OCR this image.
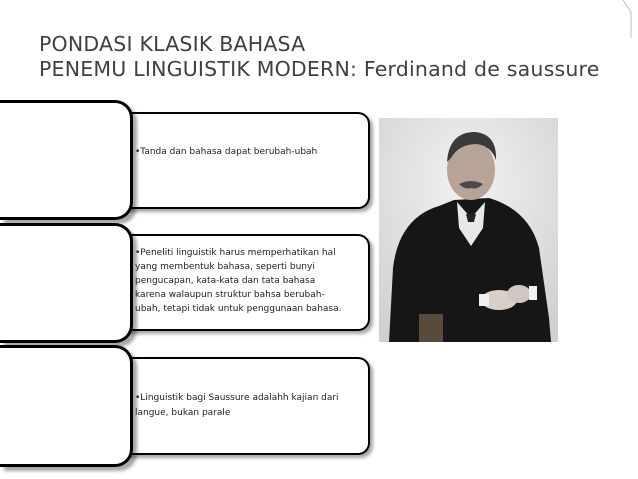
PONDASI KLASIK BAHASA
PENEMU LINGUISTIK MODERN: Ferdinand de saussure
•Tanda dan bahasa dapat berubah-ubah
•Peneliti linguistik harus memperhatikan hal
yang membentuk bahasa, seperti bunyi
pengucapan, kata-kata dan tata bahasa
karena walaupun struktur bahsa berubah-
ubah, tetapi tidak untuk penggunaan bahasa.
•Linguistik bagi Saussure adalahh kajian dari
langue, bukan parale
